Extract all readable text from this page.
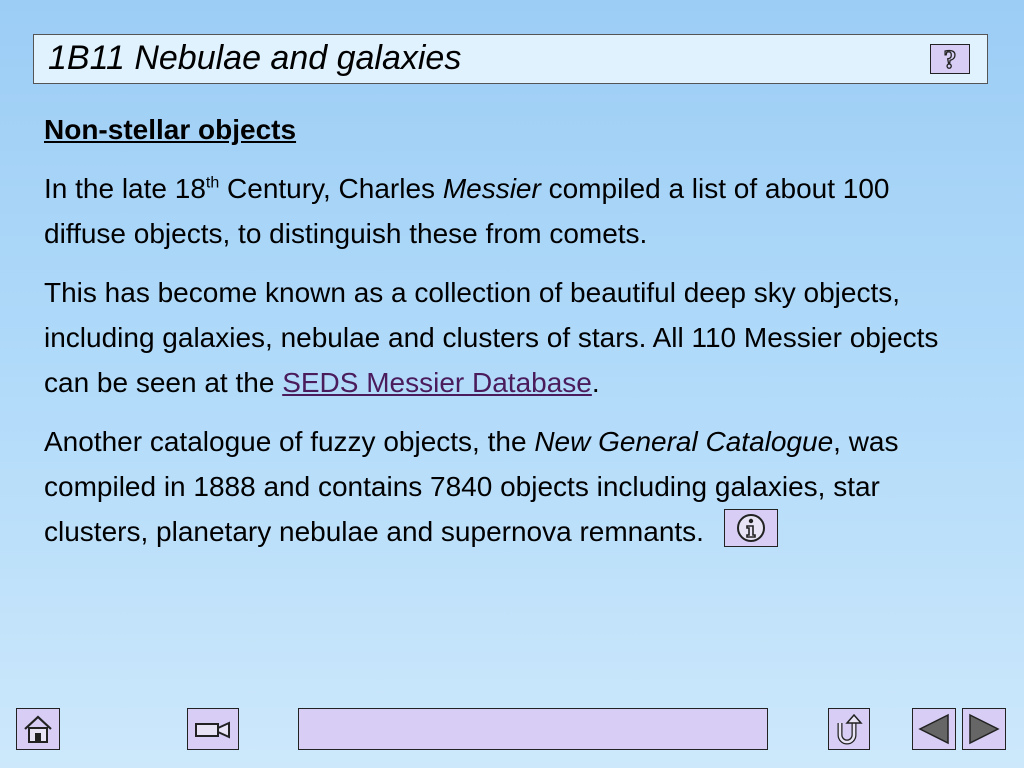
1B11 Nebulae and galaxies	?
Non-stellar objects

In the late 18th Century, Charles Messier compiled a list of about 100 diffuse objects, to distinguish these from comets.

This has become known as a collection of beautiful deep sky objects, including galaxies, nebulae and clusters of stars. All 110 Messier objects can be seen at the SEDS Messier Database.

Another catalogue of fuzzy objects, the New General Catalogue, was compiled in 1888 and contains 7840 objects including galaxies, star clusters, planetary nebulae and supernova remnants.
